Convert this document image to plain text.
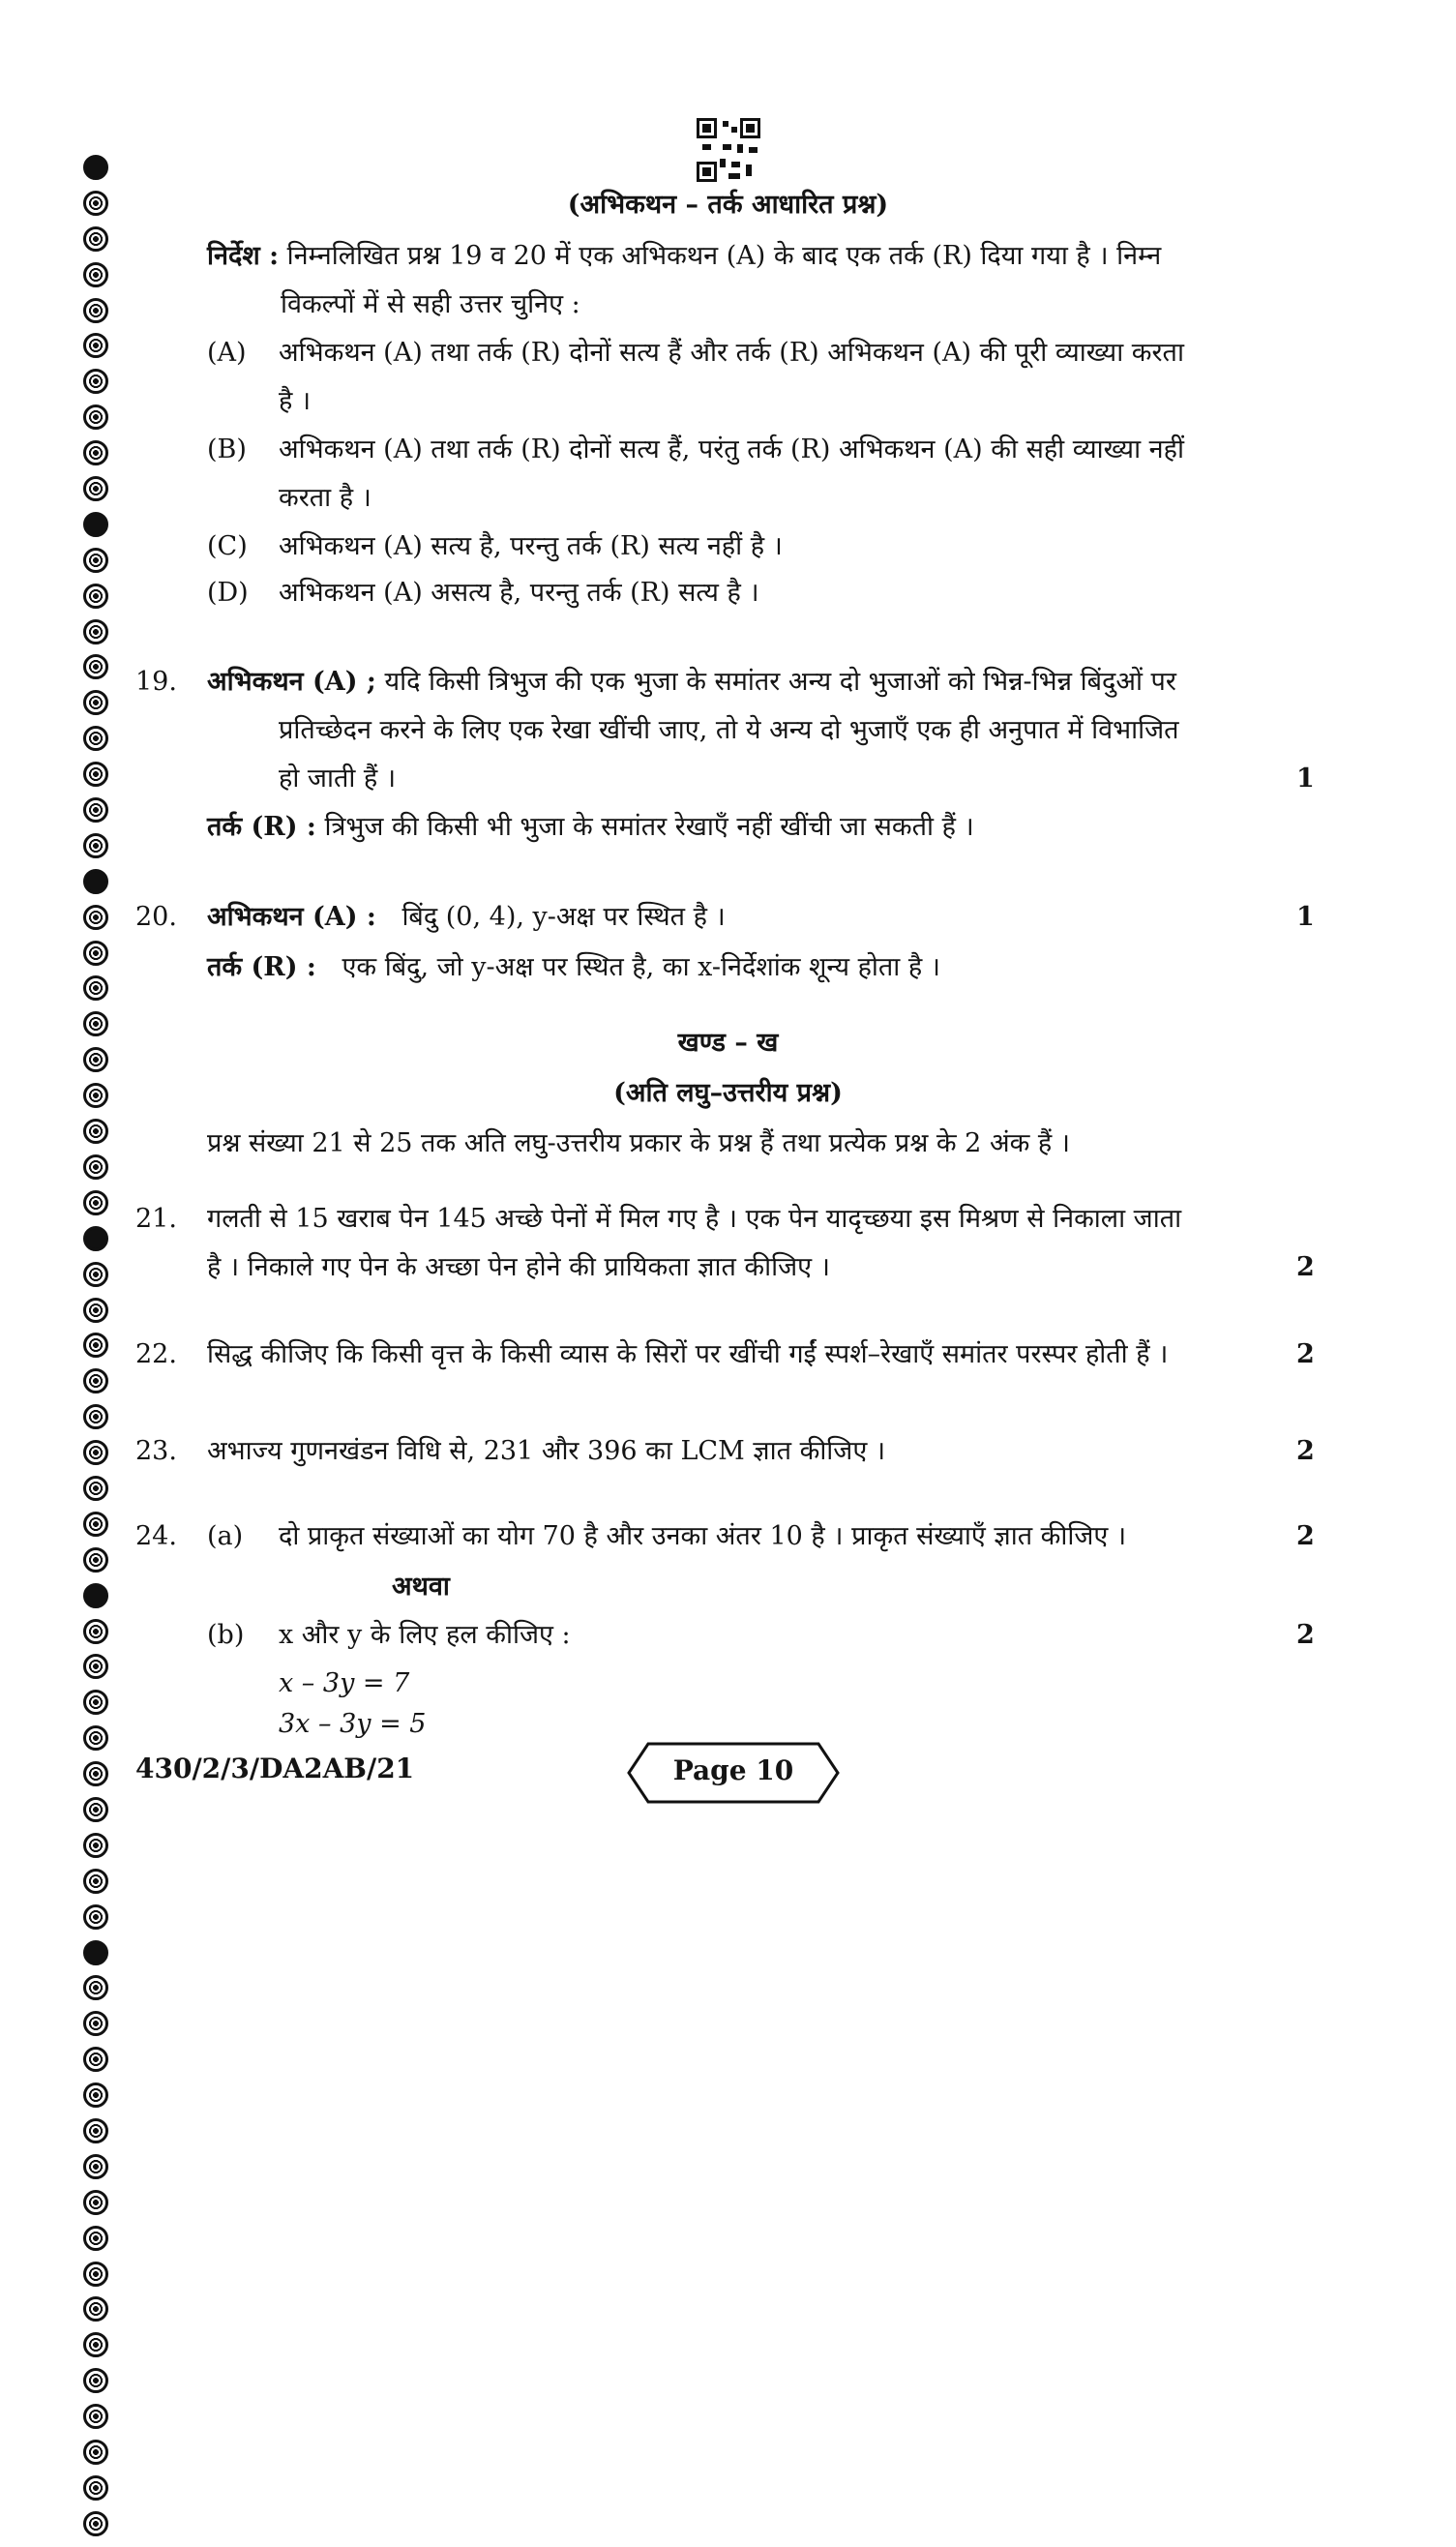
(अभिकथन – तर्क आधारित प्रश्न)
निर्देश : निम्नलिखित प्रश्न 19 व 20 में एक अभिकथन (A) के बाद एक तर्क (R) दिया गया है । निम्न
विकल्पों में से सही उत्तर चुनिए :
(A) अभिकथन (A) तथा तर्क (R) दोनों सत्य हैं और तर्क (R) अभिकथन (A) की पूरी व्याख्या करता
है ।
(B) अभिकथन (A) तथा तर्क (R) दोनों सत्य हैं, परंतु तर्क (R) अभिकथन (A) की सही व्याख्या नहीं
करता है ।
(C) अभिकथन (A) सत्य है, परन्तु तर्क (R) सत्य नहीं है ।
(D) अभिकथन (A) असत्य है, परन्तु तर्क (R) सत्य है ।
19. अभिकथन (A) ; यदि किसी त्रिभुज की एक भुजा के समांतर अन्य दो भुजाओं को भिन्न-भिन्न बिंदुओं पर
प्रतिच्छेदन करने के लिए एक रेखा खींची जाए, तो ये अन्य दो भुजाएँ एक ही अनुपात में विभाजित
हो जाती हैं ।	1
तर्क (R) : त्रिभुज की किसी भी भुजा के समांतर रेखाएँ नहीं खींची जा सकती हैं ।
20. अभिकथन (A) : बिंदु (0, 4), y-अक्ष पर स्थित है ।	1
तर्क (R) : एक बिंदु, जो y-अक्ष पर स्थित है, का x-निर्देशांक शून्य होता है ।
खण्ड – ख
(अति लघु–उत्तरीय प्रश्न)
प्रश्न संख्या 21 से 25 तक अति लघु-उत्तरीय प्रकार के प्रश्न हैं तथा प्रत्येक प्रश्न के 2 अंक हैं ।
21. गलती से 15 खराब पेन 145 अच्छे पेनों में मिल गए है । एक पेन यादृच्छया इस मिश्रण से निकाला जाता
है । निकाले गए पेन के अच्छा पेन होने की प्रायिकता ज्ञात कीजिए ।	2
22. सिद्ध कीजिए कि किसी वृत्त के किसी व्यास के सिरों पर खींची गईं स्पर्श–रेखाएँ समांतर परस्पर होती हैं ।	2
23. अभाज्य गुणनखंडन विधि से, 231 और 396 का LCM ज्ञात कीजिए ।	2
24. (a) दो प्राकृत संख्याओं का योग 70 है और उनका अंतर 10 है । प्राकृत संख्याएँ ज्ञात कीजिए ।	2
अथवा
(b) x और y के लिए हल कीजिए :	2
x – 3y = 7
3x – 3y = 5
430/2/3/DA2AB/21	Page 10
